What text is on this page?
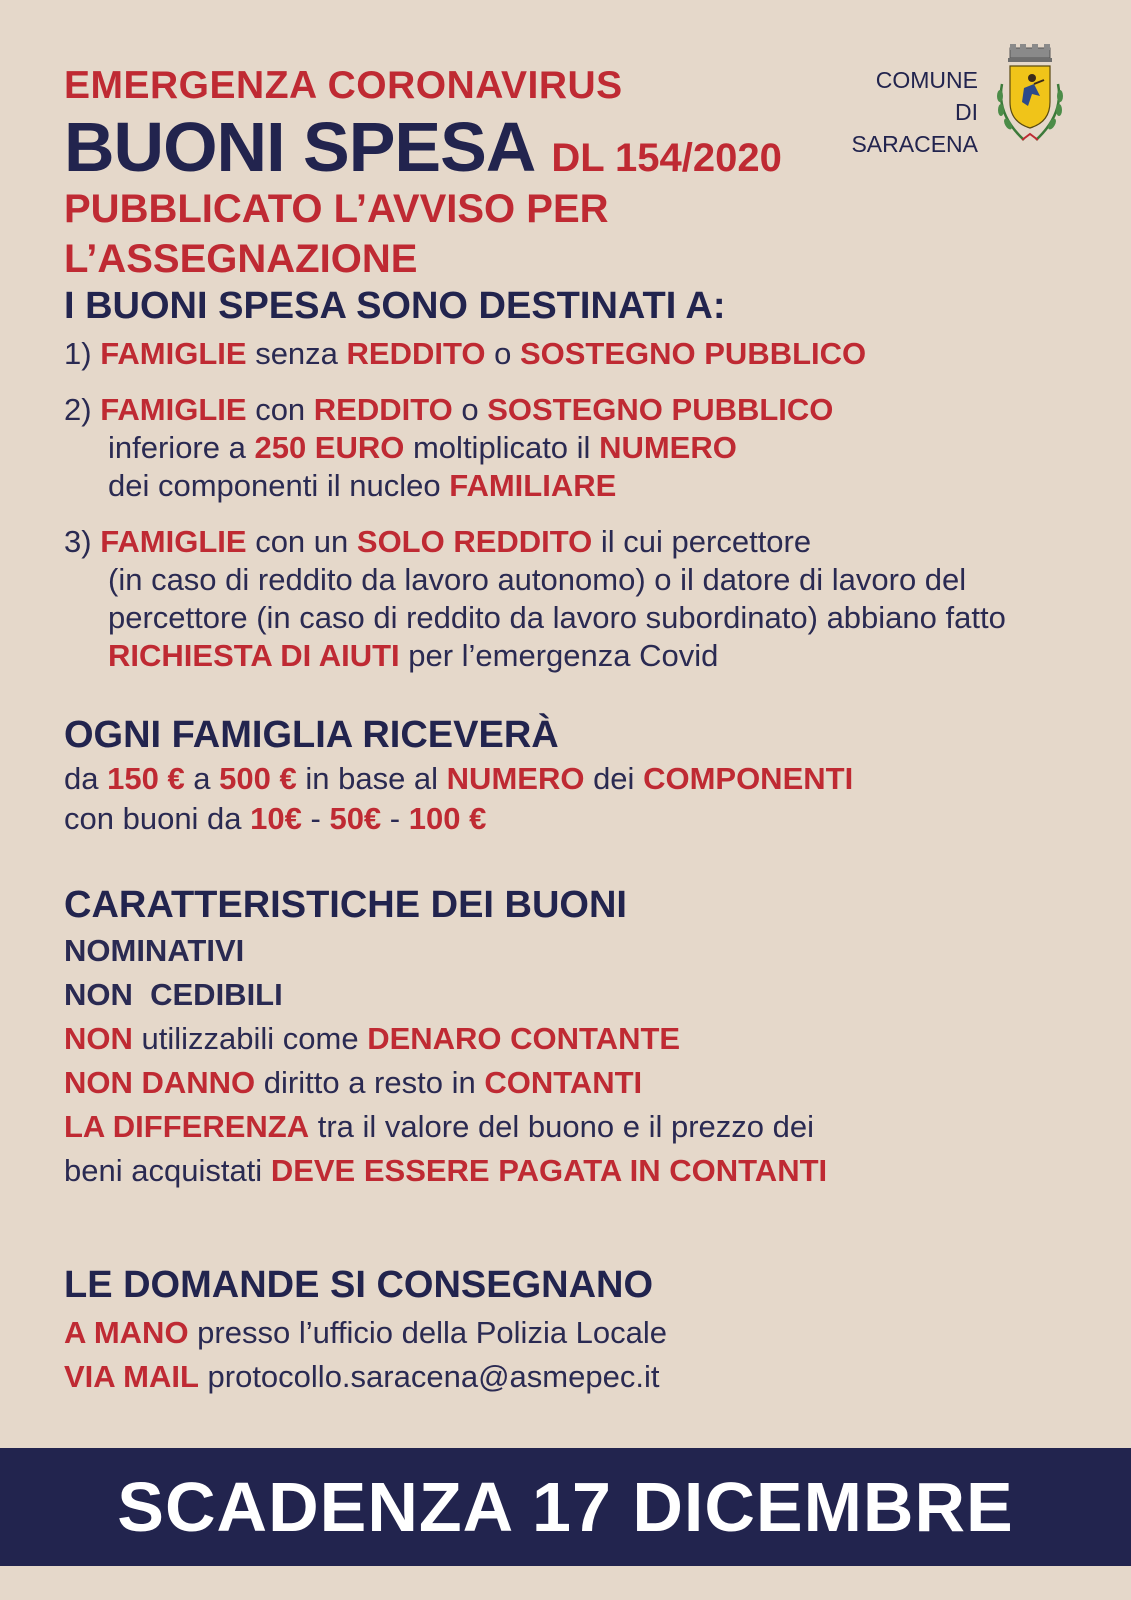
EMERGENZA CORONAVIRUS
BUONI SPESA DL 154/2020
PUBBLICATO L’AVVISO PER L’ASSEGNAZIONE
COMUNE
DI SARACENA
I BUONI SPESA SONO DESTINATI A:
1) FAMIGLIE senza REDDITO o SOSTEGNO PUBBLICO
2) FAMIGLIE con REDDITO o SOSTEGNO PUBBLICO
inferiore a 250 EURO moltiplicato il NUMERO
dei componenti il nucleo FAMILIARE
3) FAMIGLIE con un SOLO REDDITO il cui percettore
(in caso di reddito da lavoro autonomo) o il datore di lavoro del
percettore (in caso di reddito da lavoro subordinato) abbiano fatto
RICHIESTA DI AIUTI per l’emergenza Covid
OGNI FAMIGLIA RICEVERÀ
da 150 € a 500 € in base al NUMERO dei COMPONENTI
con buoni da 10€ - 50€ - 100 €
CARATTERISTICHE DEI BUONI
NOMINATIVI
NON  CEDIBILI
NON utilizzabili come DENARO CONTANTE
NON DANNO diritto a resto in CONTANTI
LA DIFFERENZA tra il valore del buono e il prezzo dei
beni acquistati DEVE ESSERE PAGATA IN CONTANTI
LE DOMANDE SI CONSEGNANO
A MANO presso l’ufficio della Polizia Locale
VIA MAIL protocollo.saracena@asmepec.it
SCADENZA 17 DICEMBRE
